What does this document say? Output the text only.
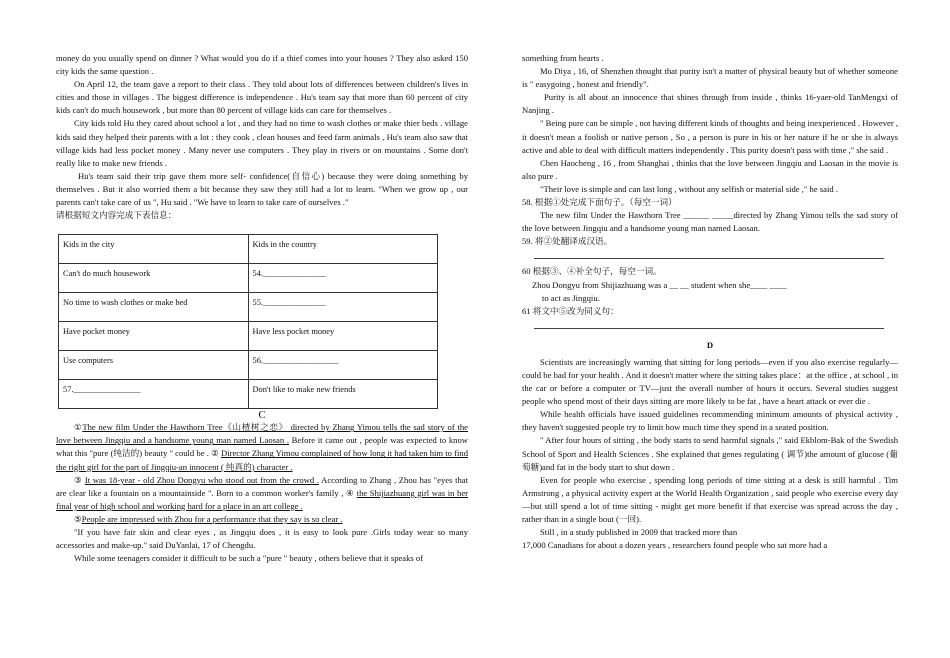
money do you usually spend on dinner ? What would you do if a thief comes into your houses ? They also asked 150 city kids the same question .

On April 12, the team gave a report to their class . They told about lots of differences between children's lives in cities and those in villages . The biggest difference is independence . Hu's team say that more than 60 percent of city kids can't do much housework , but more than 80 percent of village kids can care for themselves .

City kids told Hu they cared about school a lot , and they had no time to wash clothes or make thier beds . village kids said they helped their parents with a lot : they cook , clean houses and feed farm animals , Hu's team also saw that village kids had less pocket money . Many never use computers . They play in rivers or on mountains . Some don't really like to make new friends .

Hu's team said their trip gave them more self- confidence(自信心) because they were doing something by themselves . But it also worried them a bit because they saw they still had a lot to learn. "When we grow up , our parents can't take care of us ", Hu said . "We have to learn to take care of ourselves ."

请根据短文内容完成下表信息：

Kids in the city	Kids in the country
Can't do much housework	54._______________
No time to wash clothes or make bed	55._______________
Have pocket money	Have less pocket money
Use computers	56.__________________
57.________________	Don't like to make new friends

C

①The new film Under the Hawthorn Tree《山楂树之恋》 directed by Zhang Yimou tells the sad story of the love between Jingqiu and a handsome young man named Laosan . Before it came out , people was expected to know what this "pure (纯洁的) beauty " could be . ② Director Zhang Yimou complained of how long it had taken him to find the right girl for the part of Jingqiu-an innocent ( 纯真的) character .

③ It was 18-year - old Zhou Dongyu who stood out from the crowd . According to Zhang , Zhou has "eyes that are clear like a fountain on a mountainside ". Born to a common worker's family , ④ the Shijiazhuang girl was in her final year of high school and working hard for a place in an art college .

⑤People are impressed with Zhou for a performance that they say is so clear .

"If you have fair skin and clear eyes , as Jingqiu does , it is easy to look pure .Girls today wear so many accessories and make-up." said DuYanlai, 17 of Chengdu.

While some teenagers consider it difficult to be such a "pure " beauty , others believe that it speaks of

something from hearts .

Mo Diya , 16, of Shenzhen thought that purity isn't a matter of physical beauty but of whether someone is " easygoing , honest and friendly".

Purity is all about an innocence that shines through from inside , thinks 16-yaer-old TanMengxi of Nanjing .

" Being pure can be simple , not having different kinds of thoughts and being inexperienced . However , it doesn't mean a foolish or native person , So , a person is pure in his or her nature if he or she is always active and able to deal with difficult matters independently . This purity doesn't pass with time ," she said .

Chen Haocheng , 16 , from Shanghai , thinks that the love between Jingqiu and Laosan in the movie is also pure .

"Their love is simple and can last long , without any selfish or material side ," he said .

58. 根据①处完成下面句子。（每空一词）

The new film Under the Hawthorn Tree ______ _____directed by Zhang Yimou tells the sad story of the love between Jingqiu and a handsome young man named Laosan.

59. 将②处翻译成汉语。

60 根据③、④补全句子，每空一词。

Zhou Dongyu from Shijiazhuang was a __ __ student when she____ ____

to act as Jingqiu.

61 将文中⑤改为同义句：

D

Scientists are increasingly warning that sitting for long periods—even if you also exercise regularly—could be bad for your health . And it doesn't matter where the sitting takes place：at the office , at school , in the car or before a computer or TV—just the overall number of hours it occurs. Several studies suggest people who spend most of their days sitting are more likely to be fat , have a heart attack or ever die .

While health officials have issued guidelines recommending minimum amounts of physical activity , they haven't suggested people try to limit how much time they spend in a seated position.

" After four hours of sitting , the body starts to send harmful signals ," said Ekblom-Bak of the Swedish School of Sport and Health Sciences . She explained that genes regulating ( 调节)the amount of glucose (葡萄糖)and fat in the body start to shut down .

Even for people who exercise , spending long periods of time sitting at a desk is still harmful . Tim Armstrong , a physical activity expert at the World Health Organization , said people who exercise every day —but still spend a lot of time sitting - might get more benefit if that exercise was spread across the day , rather than in a single bout (一回).

Still , in a study published in 2009 that tracked more than

17,000 Canadians for about a dozen years , researchers found people who sat more had a
